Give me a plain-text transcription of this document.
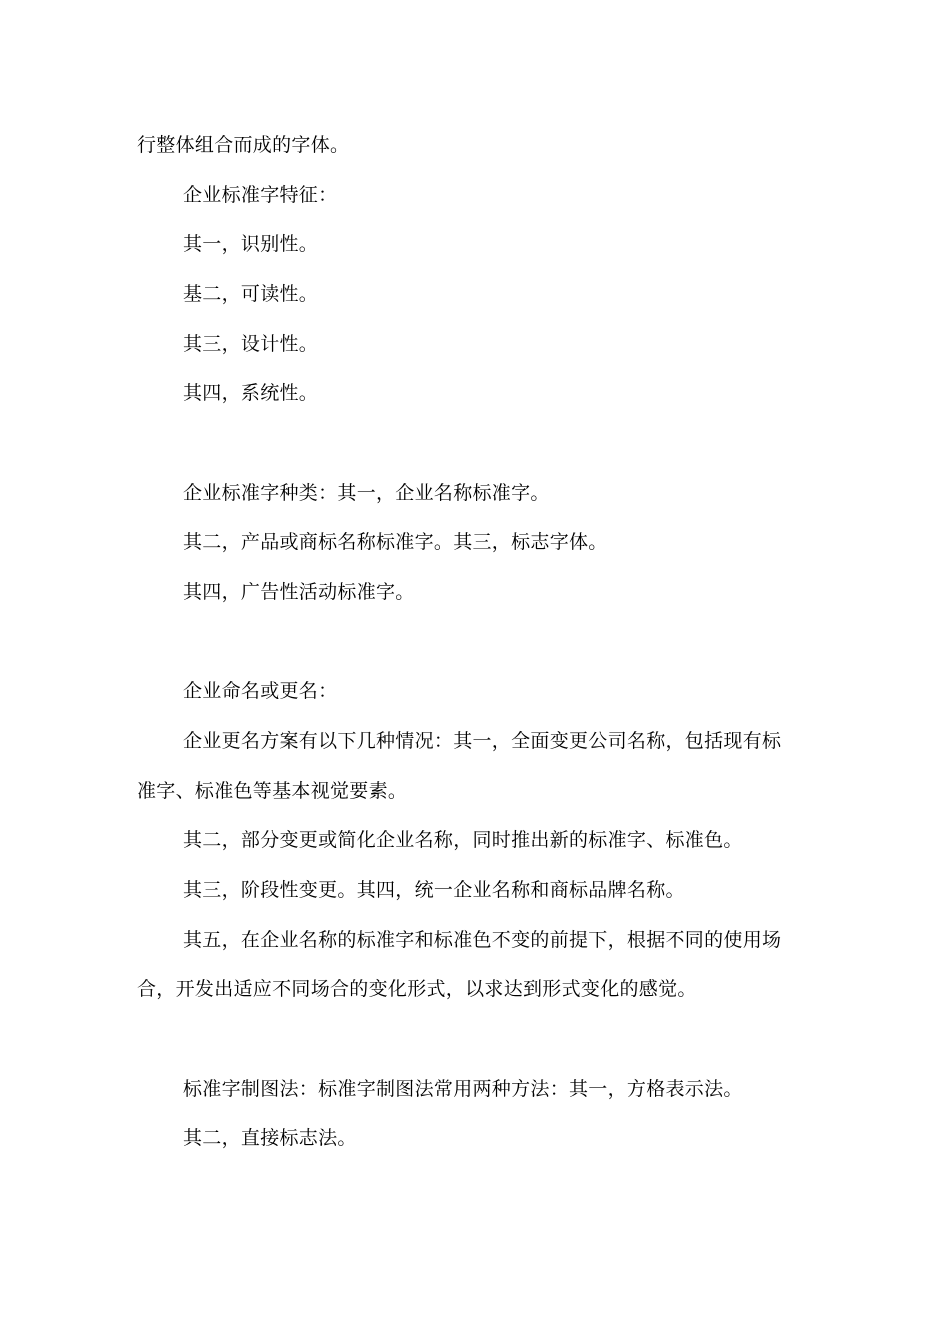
行整体组合而成的字体。
企业标准字特征：
其一，识别性。
基二，可读性。
其三，设计性。
其四，系统性。
企业标准字种类：其一，企业名称标准字。
其二，产品或商标名称标准字。其三，标志字体。
其四，广告性活动标准字。
企业命名或更名：
企业更名方案有以下几种情况：其一，全面变更公司名称，包括现有标
准字、标准色等基本视觉要素。
其二，部分变更或简化企业名称，同时推出新的标准字、标准色。
其三，阶段性变更。其四，统一企业名称和商标品牌名称。
其五，在企业名称的标准字和标准色不变的前提下，根据不同的使用场
合，开发出适应不同场合的变化形式，以求达到形式变化的感觉。
标准字制图法：标准字制图法常用两种方法：其一，方格表示法。
其二，直接标志法。
